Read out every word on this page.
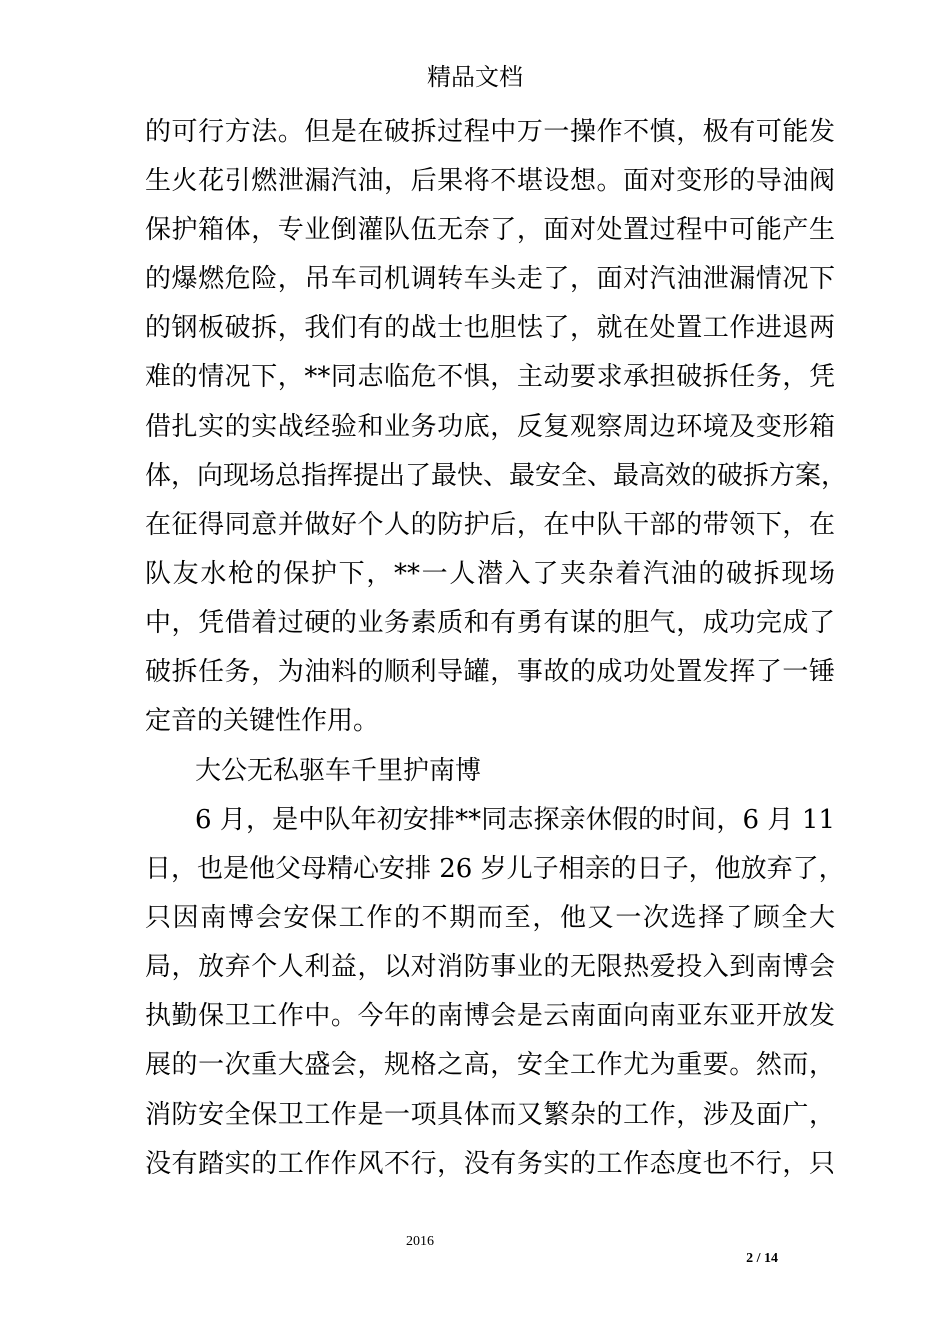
精品文档
的可行方法。但是在破拆过程中万一操作不慎，极有可能发
生火花引燃泄漏汽油，后果将不堪设想。面对变形的导油阀
保护箱体，专业倒灌队伍无奈了，面对处置过程中可能产生
的爆燃危险，吊车司机调转车头走了，面对汽油泄漏情况下
的钢板破拆，我们有的战士也胆怯了，就在处置工作进退两
难的情况下，**同志临危不惧，主动要求承担破拆任务，凭
借扎实的实战经验和业务功底，反复观察周边环境及变形箱
体，向现场总指挥提出了最快、最安全、最高效的破拆方案，
在征得同意并做好个人的防护后，在中队干部的带领下，在
队友水枪的保护下，**一人潜入了夹杂着汽油的破拆现场
中，凭借着过硬的业务素质和有勇有谋的胆气，成功完成了
破拆任务，为油料的顺利导罐，事故的成功处置发挥了一锤
定音的关键性作用。
大公无私驱车千里护南博
6 月，是中队年初安排**同志探亲休假的时间，6 月 11
日，也是他父母精心安排 26 岁儿子相亲的日子，他放弃了，
只因南博会安保工作的不期而至，他又一次选择了顾全大
局，放弃个人利益，以对消防事业的无限热爱投入到南博会
执勤保卫工作中。今年的南博会是云南面向南亚东亚开放发
展的一次重大盛会，规格之高，安全工作尤为重要。然而，
消防安全保卫工作是一项具体而又繁杂的工作，涉及面广，
没有踏实的工作作风不行，没有务实的工作态度也不行，只
2016
2 / 14
